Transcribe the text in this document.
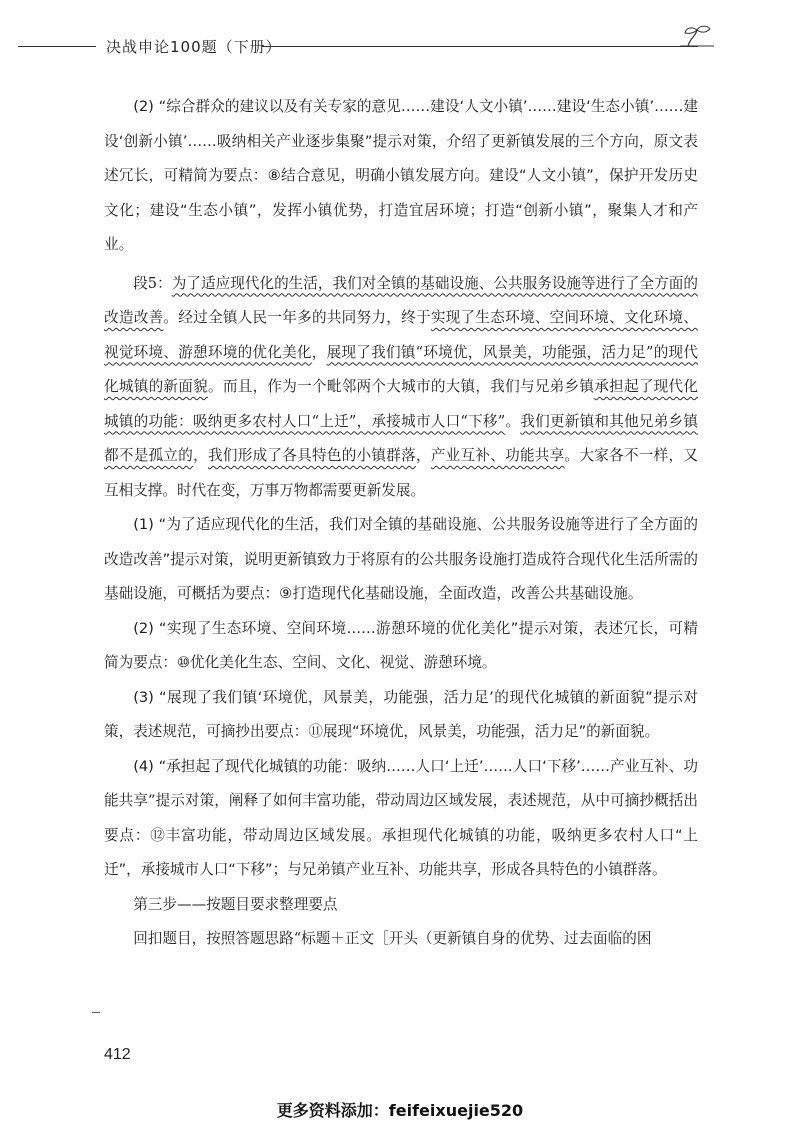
决战申论100题（下册）

(2) “综合群众的建议以及有关专家的意见……建设‘人文小镇’……建设‘生态小镇’……建设‘创新小镇’……吸纳相关产业逐步集聚”提示对策，介绍了更新镇发展的三个方向，原文表述冗长，可精简为要点：⑧结合意见，明确小镇发展方向。建设“人文小镇”，保护开发历史文化；建设“生态小镇”，发挥小镇优势，打造宜居环境；打造“创新小镇”，聚集人才和产业。

段5：为了适应现代化的生活，我们对全镇的基础设施、公共服务设施等进行了全方面的改造改善。经过全镇人民一年多的共同努力，终于实现了生态环境、空间环境、文化环境、视觉环境、游憩环境的优化美化，展现了我们镇“环境优，风景美，功能强，活力足”的现代化城镇的新面貌。而且，作为一个毗邻两个大城市的大镇，我们与兄弟乡镇承担起了现代化城镇的功能：吸纳更多农村人口“上迁”，承接城市人口“下移”。我们更新镇和其他兄弟乡镇都不是孤立的，我们形成了各具特色的小镇群落，产业互补、功能共享。大家各不一样，又互相支撑。时代在变，万事万物都需要更新发展。

(1) “为了适应现代化的生活，我们对全镇的基础设施、公共服务设施等进行了全方面的改造改善”提示对策，说明更新镇致力于将原有的公共服务设施打造成符合现代化生活所需的基础设施，可概括为要点：⑨打造现代化基础设施，全面改造，改善公共基础设施。

(2) “实现了生态环境、空间环境……游憩环境的优化美化”提示对策，表述冗长，可精简为要点：⑩优化美化生态、空间、文化、视觉、游憩环境。

(3) “展现了我们镇‘环境优，风景美，功能强，活力足’的现代化城镇的新面貌”提示对策，表述规范，可摘抄出要点：⑪展现“环境优，风景美，功能强，活力足”的新面貌。

(4) “承担起了现代化城镇的功能：吸纳……人口‘上迁’……人口‘下移’……产业互补、功能共享”提示对策，阐释了如何丰富功能，带动周边区域发展，表述规范，从中可摘抄概括出要点：⑫丰富功能，带动周边区域发展。承担现代化城镇的功能，吸纳更多农村人口“上迁”，承接城市人口“下移”；与兄弟镇产业互补、功能共享，形成各具特色的小镇群落。

第三步——按题目要求整理要点

回扣题目，按照答题思路“标题＋正文［开头（更新镇自身的优势、过去面临的困

412
更多资料添加：feifeixuejie520
